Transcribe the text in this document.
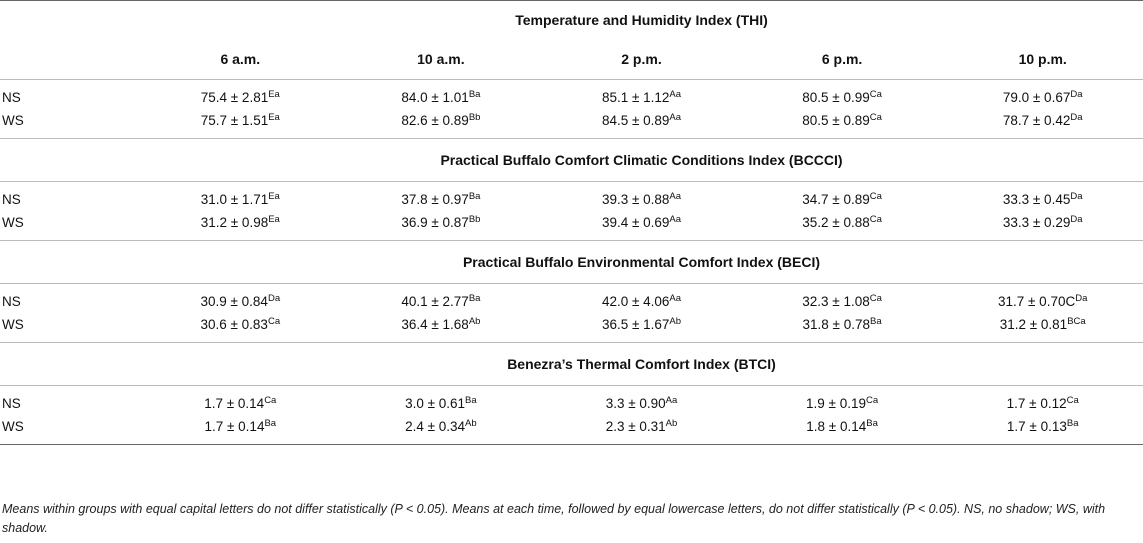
	Temperature and Humidity Index (THI)				
	6 a.m.	10 a.m.	2 p.m.	6 p.m.	10 p.m.
NS	$75.4 \pm 2.81^{Ea}$	$84.0 \pm 1.01^{Ba}$	$85.1 \pm 1.12^{Aa}$	$80.5 \pm 0.99^{Ca}$	$79.0 \pm 0.67^{Da}$
WS	$75.7 \pm 1.51^{Ea}$	$82.6 \pm 0.89^{Bb}$	$84.5 \pm 0.89^{Aa}$	$80.5 \pm 0.89^{Ca}$	$78.7 \pm 0.42^{Da}$
	Practical Buffalo Comfort Climatic Conditions Index (BCCCI)				
NS	$31.0 \pm 1.71^{Ea}$	$37.8 \pm 0.97^{Ba}$	$39.3 \pm 0.88^{Aa}$	$34.7 \pm 0.89^{Ca}$	$33.3 \pm 0.45^{Da}$
WS	$31.2 \pm 0.98^{Ea}$	$36.9 \pm 0.87^{Bb}$	$39.4 \pm 0.69^{Aa}$	$35.2 \pm 0.88^{Ca}$	$33.3 \pm 0.29^{Da}$
	Practical Buffalo Environmental Comfort Index (BECI)				
NS	$30.9 \pm 0.84^{Da}$	$40.1 \pm 2.77^{Ba}$	$42.0 \pm 4.06^{Aa}$	$32.3 \pm 1.08^{Ca}$	$31.7 \pm 0.70C^{Da}$
WS	$30.6 \pm 0.83^{Ca}$	$36.4 \pm 1.68^{Ab}$	$36.5 \pm 1.67^{Ab}$	$31.8 \pm 0.78^{Ba}$	$31.2 \pm 0.81^{BCa}$
	Benezra’s Thermal Comfort Index (BTCI)				
NS	$1.7 \pm 0.14^{Ca}$	$3.0 \pm 0.61^{Ba}$	$3.3 \pm 0.90^{Aa}$	$1.9 \pm 0.19^{Ca}$	$1.7 \pm 0.12^{Ca}$
WS	$1.7 \pm 0.14^{Ba}$	$2.4 \pm 0.34^{Ab}$	$2.3 \pm 0.31^{Ab}$	$1.8 \pm 0.14^{Ba}$	$1.7 \pm 0.13^{Ba}$
Means within groups with equal capital letters do not differ statistically (P < 0.05). Means at each time, followed by equal lowercase letters, do not differ statistically (P < 0.05). NS, no shadow; WS, with shadow.
